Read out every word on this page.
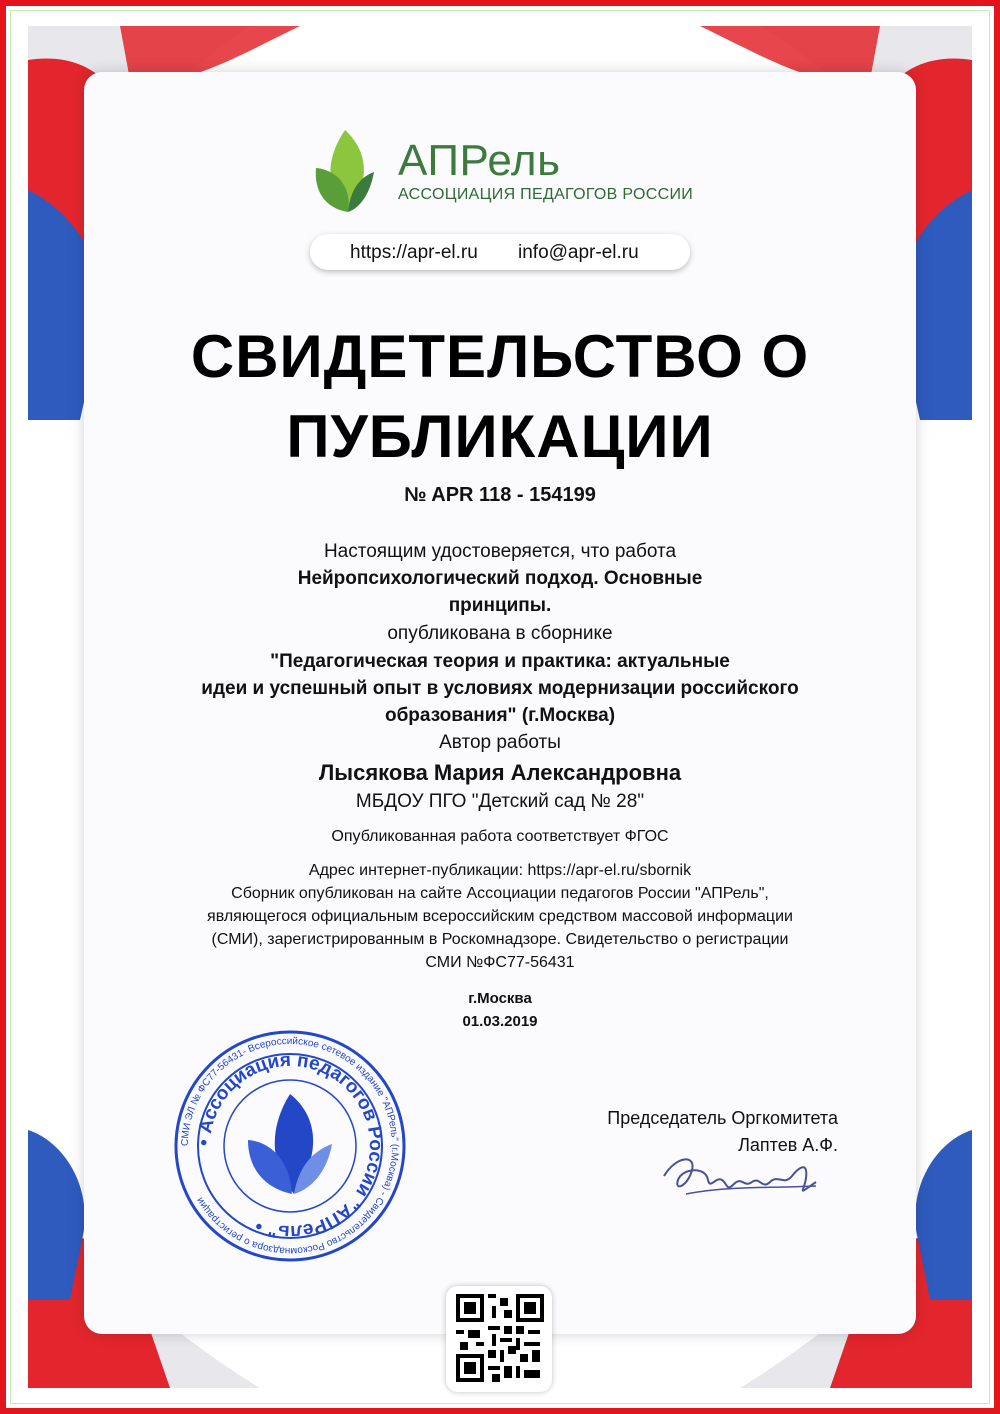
АПРель
АССОЦИАЦИЯ ПЕДАГОГОВ РОССИИ
https://apr-el.ru info@apr-el.ru
СВИДЕТЕЛЬСТВО О
ПУБЛИКАЦИИ
№ APR 118 - 154199
Настоящим удостоверяется, что работа
Нейропсихологический подход. Основные
принципы.
опубликована в сборнике
"Педагогическая теория и практика: актуальные
идеи и успешный опыт в условиях модернизации российского
образования" (г.Москва)
Автор работы
Лысякова Мария Александровна
МБДОУ ПГО "Детский сад № 28"
Опубликованная работа соответствует ФГОС
Адрес интернет-публикации: https://apr-el.ru/sbornik
Сборник опубликован на сайте Ассоциации педагогов России "АПРель",
являющегося официальным всероссийским средством массовой информации
(СМИ), зарегистрированным в Роскомнадзоре. Свидетельство о регистрации
СМИ №ФС77-56431
г.Москва
01.03.2019
СМИ ЭЛ № ФС77-56431- Всероссийское сетевое издание "АПРель" (г.Москва) - Свидетельство Роскомнадзора о регистрации
• Ассоциация педагогов России "АПРель" •
Председатель Оргкомитета
Лаптев А.Ф.
